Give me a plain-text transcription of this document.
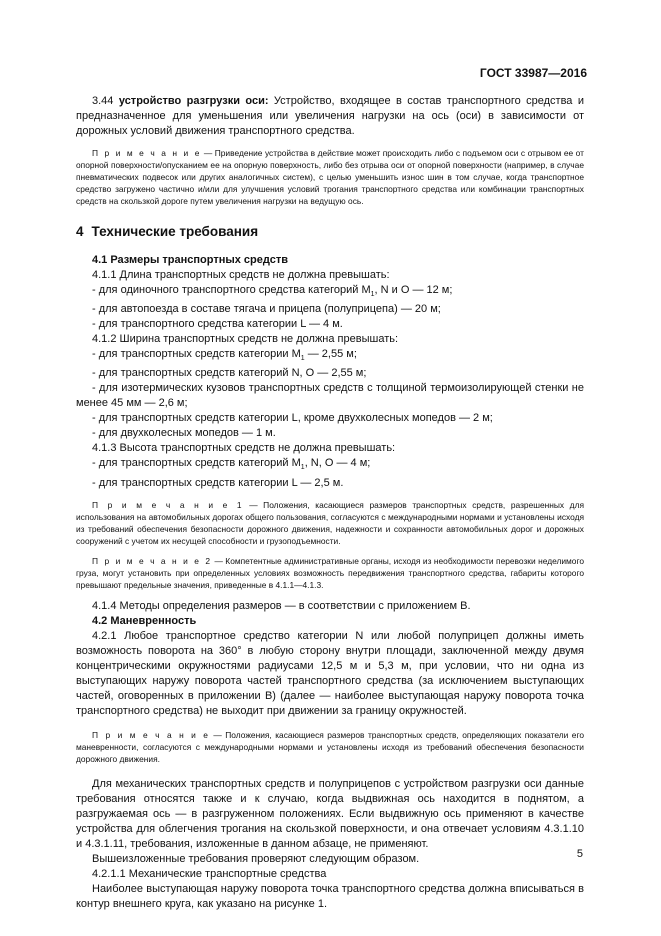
ГОСТ 33987—2016

3.44 устройство разгрузки оси: Устройство, входящее в состав транспортного средства и предназначенное для уменьшения или увеличения нагрузки на ось (оси) в зависимости от дорожных условий движения транспортного средства.

П р и м е ч а н и е — Приведение устройства в действие может происходить либо с подъемом оси с отрывом ее от опорной поверхности/опусканием ее на опорную поверхность, либо без отрыва оси от опорной поверхности (например, в случае пневматических подвесок или других аналогичных систем), с целью уменьшить износ шин в том случае, когда транспортное средство загружено частично и/или для улучшения условий трогания транспортного средства или комбинации транспортных средств на скользкой дороге путем увеличения нагрузки на ведущую ось.

4 Технические требования

4.1 Размеры транспортных средств

4.1.1 Длина транспортных средств не должна превышать:

- для одиночного транспортного средства категорий $M_1$, N и O — 12 м;

- для автопоезда в составе тягача и прицепа (полуприцепа) — 20 м;

- для транспортного средства категории L — 4 м.

4.1.2 Ширина транспортных средств не должна превышать:

- для транспортных средств категории $M_1$ — 2,55 м;

- для транспортных средств категорий N, O — 2,55 м;

- для изотермических кузовов транспортных средств с толщиной термоизолирующей стенки не менее 45 мм — 2,6 м;

- для транспортных средств категории L, кроме двухколесных мопедов — 2 м;

- для двухколесных мопедов — 1 м.

4.1.3 Высота транспортных средств не должна превышать:

- для транспортных средств категорий $M_1$, N, O — 4 м;

- для транспортных средств категории L — 2,5 м.

П р и м е ч а н и е 1 — Положения, касающиеся размеров транспортных средств, разрешенных для использования на автомобильных дорогах общего пользования, согласуются с международными нормами и установлены исходя из требований обеспечения безопасности дорожного движения, надежности и сохранности автомобильных дорог и дорожных сооружений с учетом их несущей способности и грузоподъемности.

П р и м е ч а н и е 2 — Компетентные административные органы, исходя из необходимости перевозки неделимого груза, могут установить при определенных условиях возможность передвижения транспортного средства, габариты которого превышают предельные значения, приведенные в 4.1.1—4.1.3.

4.1.4 Методы определения размеров — в соответствии с приложением В.

4.2 Маневренность

4.2.1 Любое транспортное средство категории N или любой полуприцеп должны иметь возможность поворота на 360° в любую сторону внутри площади, заключенной между двумя концентрическими окружностями радиусами 12,5 м и 5,3 м, при условии, что ни одна из выступающих наружу поворота частей транспортного средства (за исключением выступающих частей, оговоренных в приложении В) (далее — наиболее выступающая наружу поворота точка транспортного средства) не выходит при движении за границу окружностей.

П р и м е ч а н и е — Положения, касающиеся размеров транспортных средств, определяющих показатели его маневренности, согласуются с международными нормами и установлены исходя из требований обеспечения безопасности дорожного движения.

Для механических транспортных средств и полуприцепов с устройством разгрузки оси данные требования относятся также и к случаю, когда выдвижная ось находится в поднятом, а разгружаемая ось — в разгруженном положениях. Если выдвижную ось применяют в качестве устройства для облегчения трогания на скользкой поверхности, и она отвечает условиям 4.3.1.10 и 4.3.1.11, требования, изложенные в данном абзаце, не применяют.

Вышеизложенные требования проверяют следующим образом.

4.2.1.1 Механические транспортные средства

Наиболее выступающая наружу поворота точка транспортного средства должна вписываться в контур внешнего круга, как указано на рисунке 1.

5
